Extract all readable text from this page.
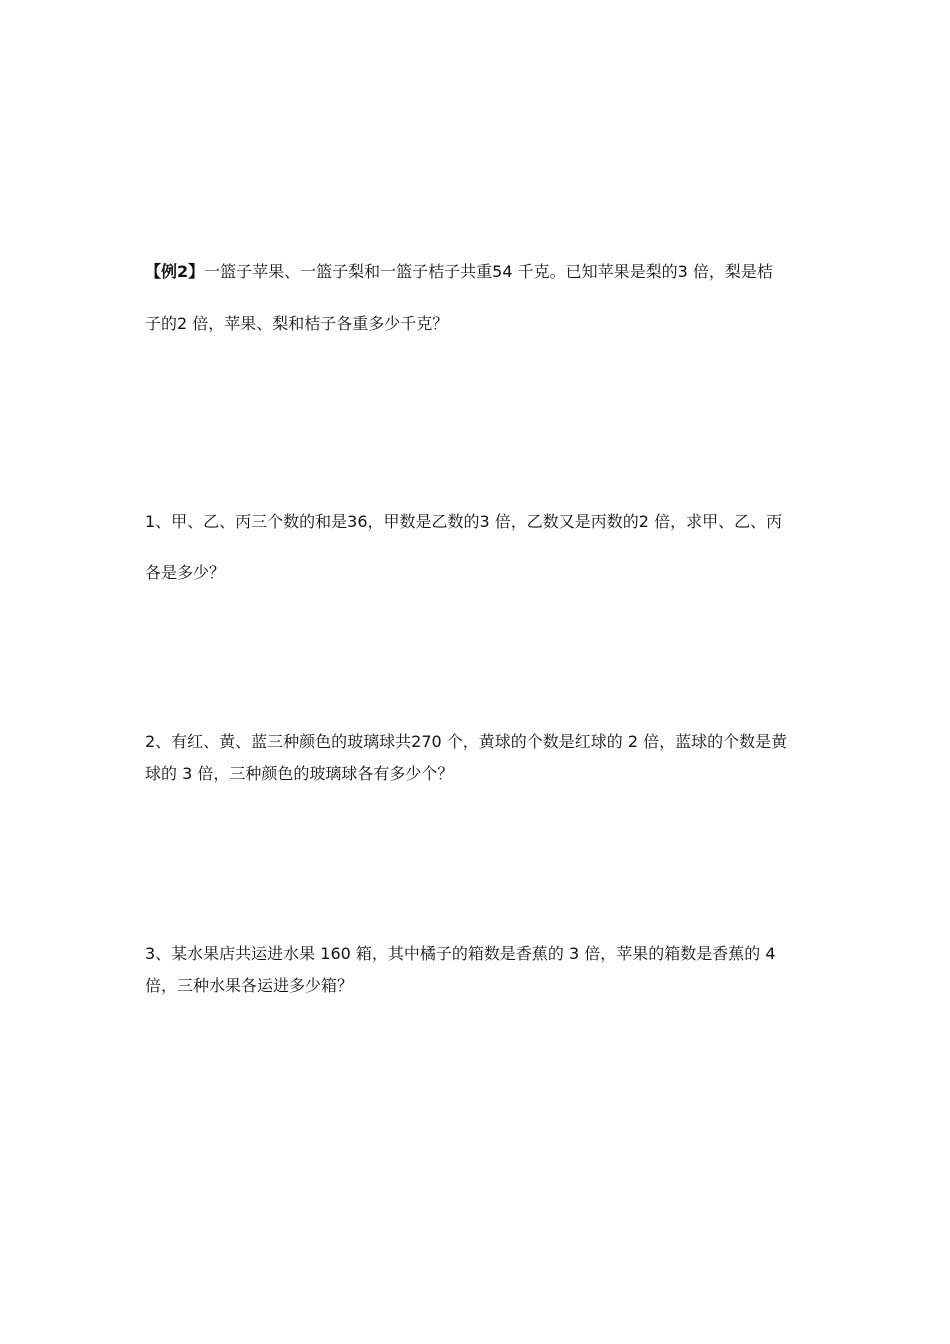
【例2】一篮子苹果、一篮子梨和一篮子桔子共重54 千克。已知苹果是梨的3 倍，梨是桔
子的2 倍，苹果、梨和桔子各重多少千克？
1、甲、乙、丙三个数的和是36，甲数是乙数的3 倍，乙数又是丙数的2 倍，求甲、乙、丙
各是多少？
2、有红、黄、蓝三种颜色的玻璃球共270 个，黄球的个数是红球的 2 倍，蓝球的个数是黄
球的 3 倍，三种颜色的玻璃球各有多少个？
3、某水果店共运进水果 160 箱，其中橘子的箱数是香蕉的 3 倍，苹果的箱数是香蕉的 4
倍，三种水果各运进多少箱？
